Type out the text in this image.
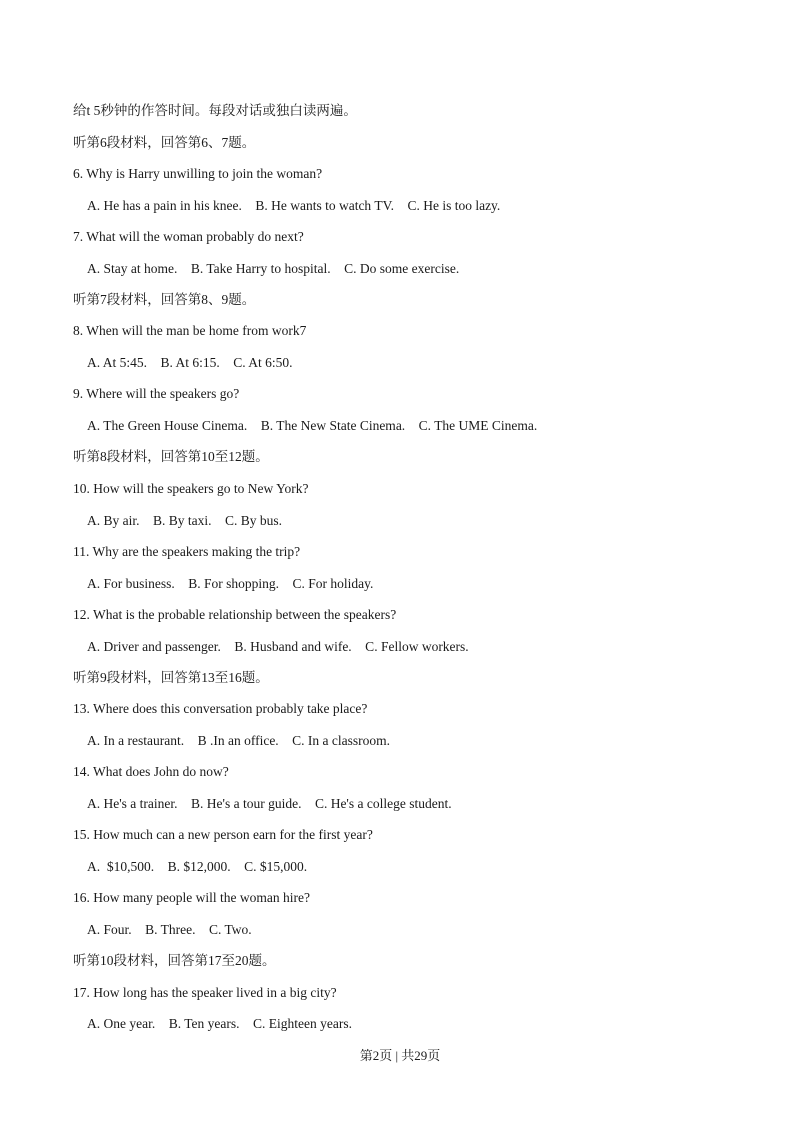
给t 5秒钟的作答时间。每段对话或独白读两遍。

听第6段材料，回答第6、7题。

6. Why is Harry unwilling to join the woman?

A. He has a pain in his knee.    B. He wants to watch TV.    C. He is too lazy.

7. What will the woman probably do next?

A. Stay at home.    B. Take Harry to hospital.    C. Do some exercise.

听第7段材料，回答第8、9题。

8. When will the man be home from work7

A. At 5:45.    B. At 6:15.    C. At 6:50.

9. Where will the speakers go?

A. The Green House Cinema.    B. The New State Cinema.    C. The UME Cinema.

听第8段材料，回答第10至12题。

10. How will the speakers go to New York?

A. By air.    B. By taxi.    C. By bus.

11. Why are the speakers making the trip?

A. For business.    B. For shopping.    C. For holiday.

12. What is the probable relationship between the speakers?

A. Driver and passenger.    B. Husband and wife.    C. Fellow workers.

听第9段材料，回答第13至16题。

13. Where does this conversation probably take place?

A. In a restaurant.    B .In an office.    C. In a classroom.

14. What does John do now?

A. He's a trainer.    B. He's a tour guide.    C. He's a college student.

15. How much can a new person earn for the first year?

A.  $10,500.    B. $12,000.    C. $15,000.

16. How many people will the woman hire?

A. Four.    B. Three.    C. Two.

听第10段材料，回答第17至20题。

17. How long has the speaker lived in a big city?

A. One year.    B. Ten years.    C. Eighteen years.

第2页 | 共29页
